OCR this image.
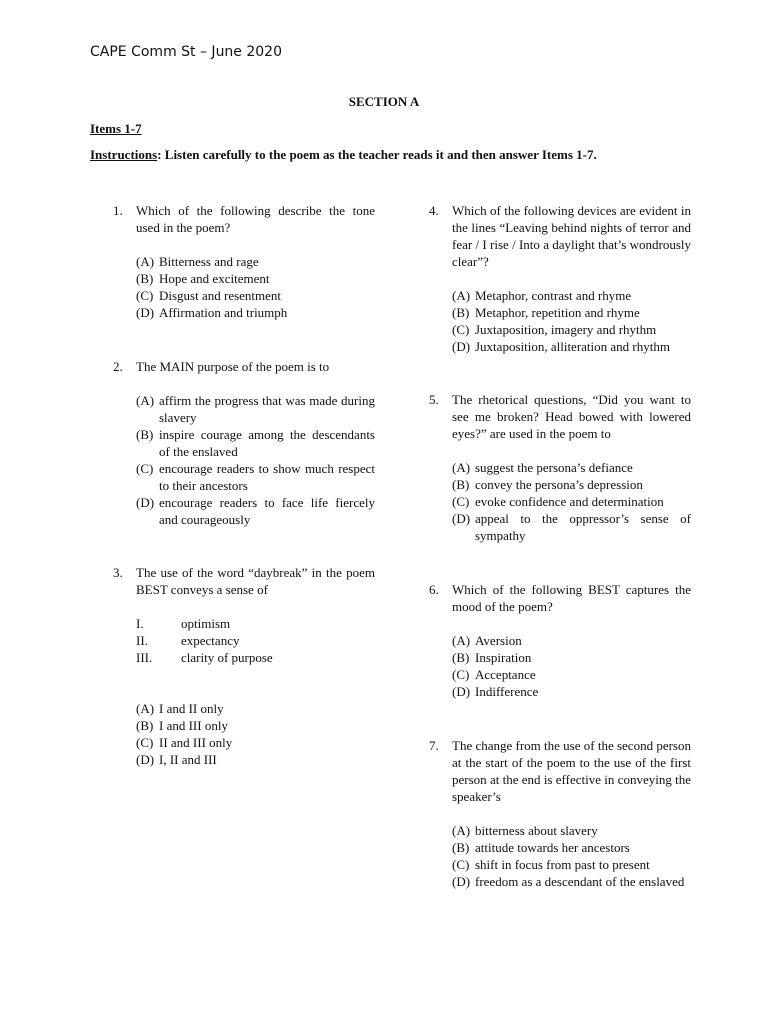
CAPE Comm St – June 2020
SECTION A
Items 1-7
Instructions: Listen carefully to the poem as the teacher reads it and then answer Items 1-7.
1. Which of the following describe the tone used in the poem?
(A) Bitterness and rage
(B) Hope and excitement
(C) Disgust and resentment
(D) Affirmation and triumph
2. The MAIN purpose of the poem is to
(A) affirm the progress that was made during slavery
(B) inspire courage among the descendants of the enslaved
(C) encourage readers to show much respect to their ancestors
(D) encourage readers to face life fiercely and courageously
3. The use of the word “daybreak” in the poem BEST conveys a sense of
I.	optimism
II.	expectancy
III.	clarity of purpose
(A) I and II only
(B) I and III only
(C) II and III only
(D) I, II and III
4. Which of the following devices are evident in the lines “Leaving behind nights of terror and fear / I rise / Into a daylight that’s wondrously clear”?
(A) Metaphor, contrast and rhyme
(B) Metaphor, repetition and rhyme
(C) Juxtaposition, imagery and rhythm
(D) Juxtaposition, alliteration and rhythm
5. The rhetorical questions, “Did you want to see me broken? Head bowed with lowered eyes?” are used in the poem to
(A) suggest the persona’s defiance
(B) convey the persona’s depression
(C) evoke confidence and determination
(D) appeal to the oppressor’s sense of sympathy
6. Which of the following BEST captures the mood of the poem?
(A) Aversion
(B) Inspiration
(C) Acceptance
(D) Indifference
7. The change from the use of the second person at the start of the poem to the use of the first person at the end is effective in conveying the speaker’s
(A) bitterness about slavery
(B) attitude towards her ancestors
(C) shift in focus from past to present
(D) freedom as a descendant of the enslaved
